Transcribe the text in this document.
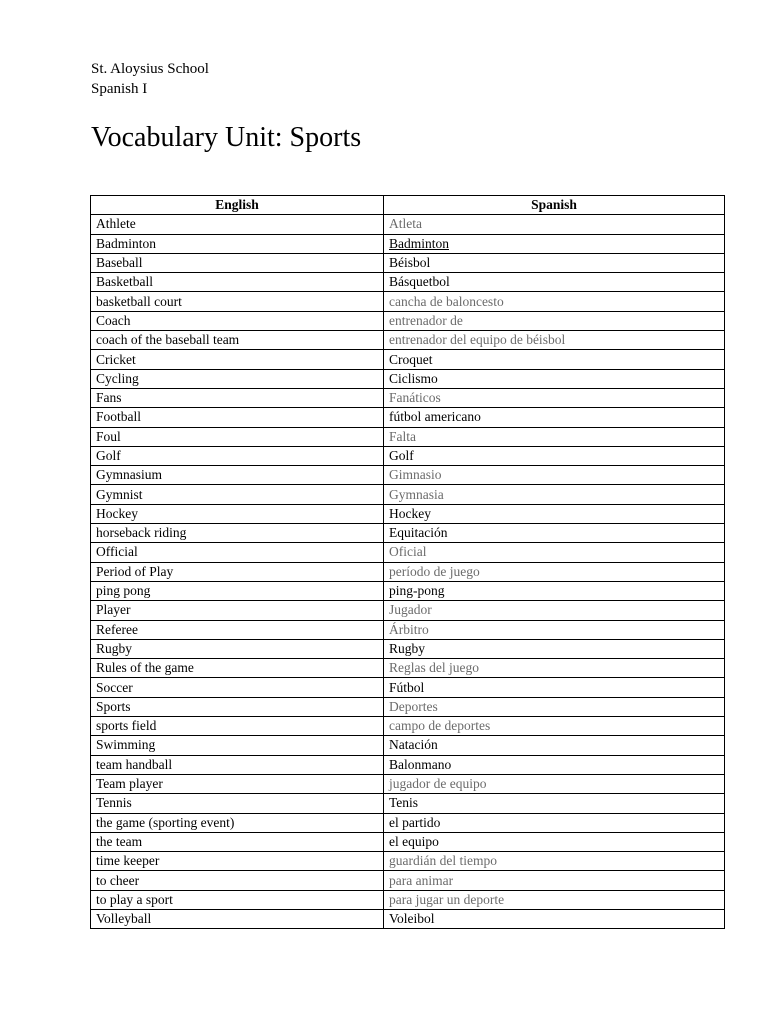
St. Aloysius School
Spanish I
Vocabulary Unit: Sports
English	Spanish
Athlete	Atleta
Badminton	Badminton
Baseball	Béisbol
Basketball	Básquetbol
basketball court	cancha de baloncesto
Coach	entrenador de
coach of the baseball team	entrenador del equipo de béisbol
Cricket	Croquet
Cycling	Ciclismo
Fans	Fanáticos
Football	fútbol americano
Foul	Falta
Golf	Golf
Gymnasium	Gimnasio
Gymnist	Gymnasia
Hockey	Hockey
horseback riding	Equitación
Official	Oficial
Period of Play	período de juego
ping pong	ping-pong
Player	Jugador
Referee	Árbitro
Rugby	Rugby
Rules of the game	Reglas del juego
Soccer	Fútbol
Sports	Deportes
sports field	campo de deportes
Swimming	Natación
team handball	Balonmano
Team player	jugador de equipo
Tennis	Tenis
the game (sporting event)	el partido
the team	el equipo
time keeper	guardián del tiempo
to cheer	para animar
to play a sport	para jugar un deporte
Volleyball	Voleibol
